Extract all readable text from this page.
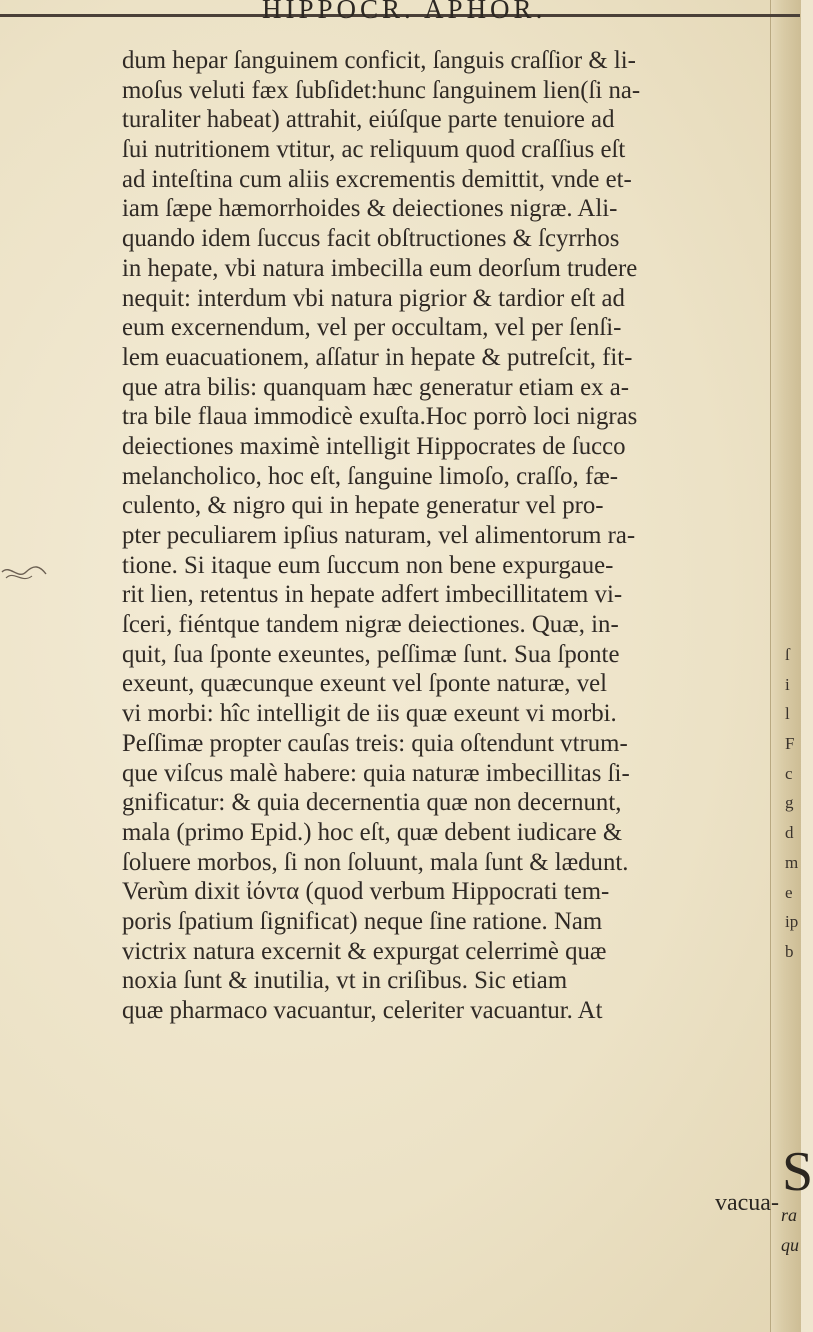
HIPPOCR. APHOR.
dum hepar ſanguinem conficit, ſanguis craſſior & li-
moſus veluti fæx ſubſidet:hunc ſanguinem lien(ſi na-
turaliter habeat) attrahit, eiúſque parte tenuiore ad
ſui nutritionem vtitur, ac reliquum quod craſſius eſt
ad inteſtina cum aliis excrementis demittit, vnde et-
iam ſæpe hæmorrhoides & deiectiones nigræ. Ali-
quando idem ſuccus facit obſtructiones & ſcyrrhos
in hepate, vbi natura imbecilla eum deorſum trudere
nequit: interdum vbi natura pigrior & tardior eſt ad
eum excernendum, vel per occultam, vel per ſenſi-
lem euacuationem, aſſatur in hepate & putreſcit, fit-
que atra bilis: quanquam hæc generatur etiam ex a-
tra bile flaua immodicè exuſta.Hoc porrò loci nigras
deiectiones maximè intelligit Hippocrates de ſucco
melancholico, hoc eſt, ſanguine limoſo, craſſo, fæ-
culento, & nigro qui in hepate generatur vel pro-
pter peculiarem ipſius naturam, vel alimentorum ra-
tione. Si itaque eum ſuccum non bene expurgaue-
rit lien, retentus in hepate adfert imbecillitatem vi-
ſceri, fiéntque tandem nigræ deiectiones. Quæ, in-
quit, ſua ſponte exeuntes, peſſimæ ſunt. Sua ſponte
exeunt, quæcunque exeunt vel ſponte naturæ, vel
vi morbi: hîc intelligit de iis quæ exeunt vi morbi.
Peſſimæ propter cauſas treis: quia oſtendunt vtrum-
que viſcus malè habere: quia naturæ imbecillitas ſi-
gnificatur: & quia decernentia quæ non decernunt,
mala (primo Epid.) hoc eſt, quæ debent iudicare &
ſoluere morbos, ſi non ſoluunt, mala ſunt & lædunt.
Verùm dixit ἰόντα (quod verbum Hippocrati tem-
poris ſpatium ſignificat) neque ſine ratione. Nam
victrix natura excernit & expurgat celerrimè quæ
noxia ſunt & inutilia, vt in criſibus. Sic etiam
quæ pharmaco vacuantur, celeriter vacuantur. At
vacua-
ſ
i
l
F
c
g
d
m
e
ip
b
S
ra
qu
